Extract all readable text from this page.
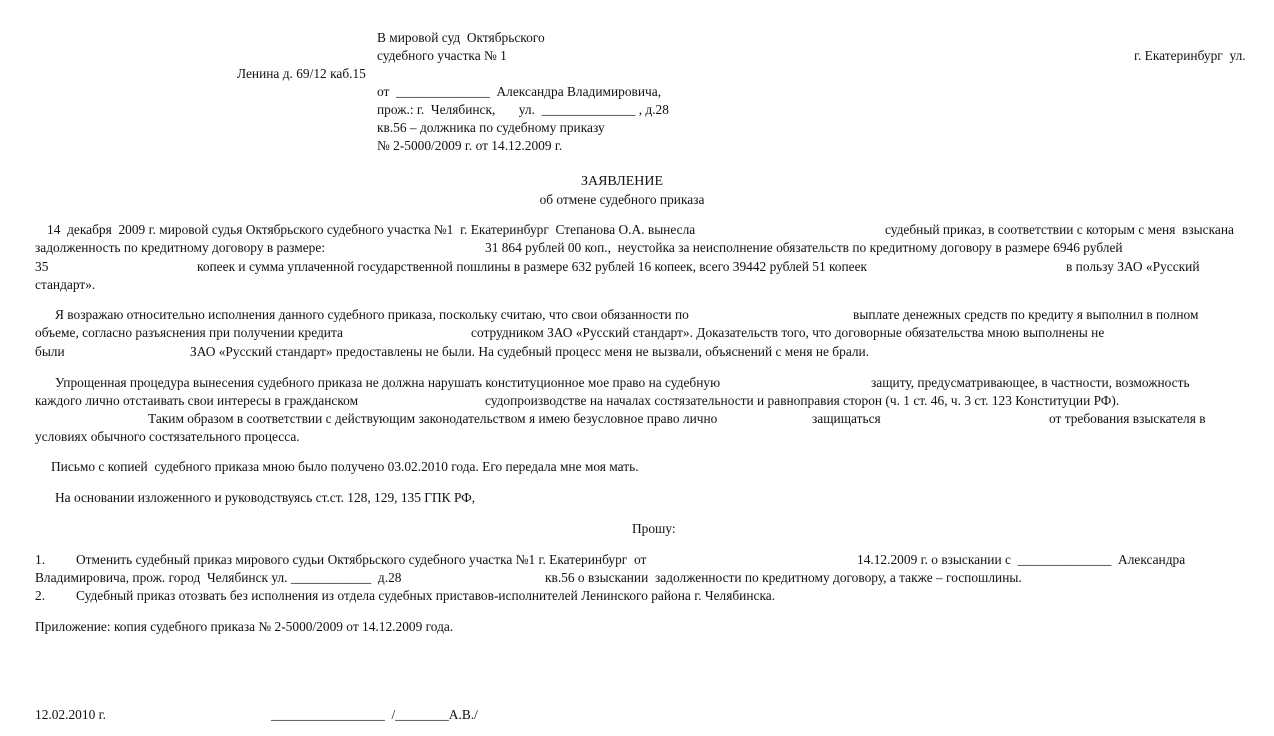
В мировой суд  Октябрьского
судебного участка № 1	г. Екатеринбург  ул.
Ленина д. 69/12 каб.15
от  ______________  Александра Владимировича,
прож.: г.  Челябинск,       ул.  ______________ , д.28
кв.56 – должника по судебному приказу
№ 2-5000/2009 г. от 14.12.2009 г.
ЗАЯВЛЕНИЕ
об отмене судебного приказа
14  декабря  2009 г. мировой судья Октябрьского судебного участка №1  г. Екатеринбург  Степанова О.А. вынесла	судебный приказ, в соответствии с которым с меня  взыскана
задолженность по кредитному договору в размере:	31 864 рублей 00 коп.,  неустойка за неисполнение обязательств по кредитному договору в размере 6946 рублей
35	копеек и сумма уплаченной государственной пошлины в размере 632 рублей 16 копеек, всего 39442 рублей 51 копеек	в пользу ЗАО «Русский
стандарт».
Я возражаю относительно исполнения данного судебного приказа, поскольку считаю, что свои обязанности по	выплате денежных средств по кредиту я выполнил в полном
объеме, согласно разъяснения при получении кредита	сотрудником ЗАО «Русский стандарт». Доказательств того, что договорные обязательства мною выполнены не
были	ЗАО «Русский стандарт» предоставлены не были. На судебный процесс меня не вызвали, объяснений с меня не брали.
Упрощенная процедура вынесения судебного приказа не должна нарушать конституционное мое право на судебную	защиту, предусматривающее, в частности, возможность
каждого лично отстаивать свои интересы в гражданском	судопроизводстве на началах состязательности и равноправия сторон (ч. 1 ст. 46, ч. 3 ст. 123 Конституции РФ).
Таким образом в соответствии с действующим законодательством я имею безусловное право лично	защищаться	от требования взыскателя в
условиях обычного состязательного процесса.
Письмо с копией  судебного приказа мною было получено 03.02.2010 года. Его передала мне моя мать.
На основании изложенного и руководствуясь ст.ст. 128, 129, 135 ГПК РФ,
Прошу:
1. Отменить судебный приказ мирового судьи Октябрьского судебного участка №1 г. Екатеринбург  от	14.12.2009 г. о взыскании с  ______________  Александра
Владимировича, прож. город  Челябинск ул. ____________  д.28	кв.56 о взыскании  задолженности по кредитному договору, а также – госпошлины.
2. Судебный приказ отозвать без исполнения из отдела судебных приставов-исполнителей Ленинского района г. Челябинска.
Приложение: копия судебного приказа № 2-5000/2009 от 14.12.2009 года.
12.02.2010 г.	_________________  /________А.В./
